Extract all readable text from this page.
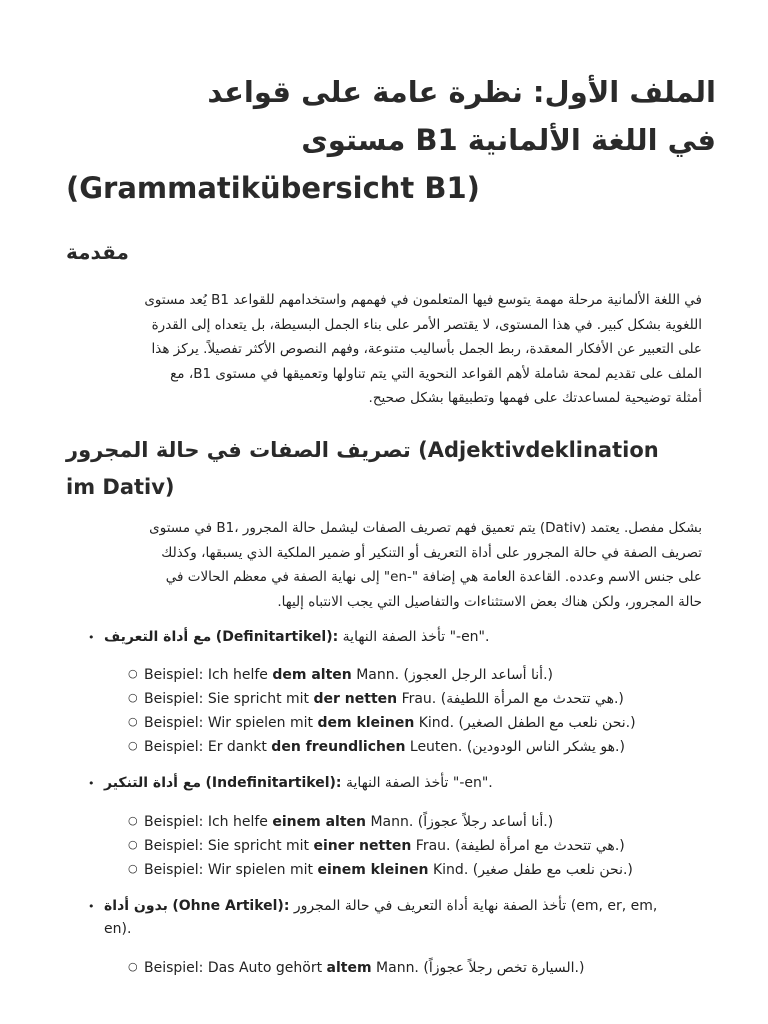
الملف الأول: نظرة عامة على قواعد
في اللغة الألمانية B1 مستوى
(Grammatikübersicht B1)
مقدمة

في اللغة الألمانية مرحلة مهمة يتوسع فيها المتعلمون في فهمهم واستخدامهم للقواعد B1 يُعد مستوى
اللغوية بشكل كبير. في هذا المستوى، لا يقتصر الأمر على بناء الجمل البسيطة، بل يتعداه إلى القدرة
على التعبير عن الأفكار المعقدة، ربط الجمل بأساليب متنوعة، وفهم النصوص الأكثر تفصيلاً. يركز هذا
الملف على تقديم لمحة شاملة لأهم القواعد النحوية التي يتم تناولها وتعميقها في مستوى B1، مع
أمثلة توضيحية لمساعدتك على فهمها وتطبيقها بشكل صحيح.

تصريف الصفات في حالة المجرور (Adjektivdeklination
im Dativ)

بشكل مفصل. يعتمد (Dativ) يتم تعميق فهم تصريف الصفات ليشمل حالة المجرور ،B1 في مستوى
تصريف الصفة في حالة المجرور على أداة التعريف أو التنكير أو ضمير الملكية الذي يسبقها، وكذلك
على جنس الاسم وعدده. القاعدة العامة هي إضافة "-en" إلى نهاية الصفة في معظم الحالات في
حالة المجرور، ولكن هناك بعض الاستثناءات والتفاصيل التي يجب الانتباه إليها.

• مع أداة التعريف (Definitartikel): تأخذ الصفة النهاية "-en".
○ Beispiel: Ich helfe dem alten Mann. (أنا أساعد الرجل العجوز.)
○ Beispiel: Sie spricht mit der netten Frau. (هي تتحدث مع المرأة اللطيفة.)
○ Beispiel: Wir spielen mit dem kleinen Kind. (نحن نلعب مع الطفل الصغير.)
○ Beispiel: Er dankt den freundlichen Leuten. (هو يشكر الناس الودودين.)
• مع أداة التنكير (Indefinitartikel): تأخذ الصفة النهاية "-en".
○ Beispiel: Ich helfe einem alten Mann. (أنا أساعد رجلاً عجوزاً.)
○ Beispiel: Sie spricht mit einer netten Frau. (هي تتحدث مع امرأة لطيفة.)
○ Beispiel: Wir spielen mit einem kleinen Kind. (نحن نلعب مع طفل صغير.)
• بدون أداة (Ohne Artikel): تأخذ الصفة نهاية أداة التعريف في حالة المجرور (em, er, em,
en).
○ Beispiel: Das Auto gehört altem Mann. (السيارة تخص رجلاً عجوزاً.)
